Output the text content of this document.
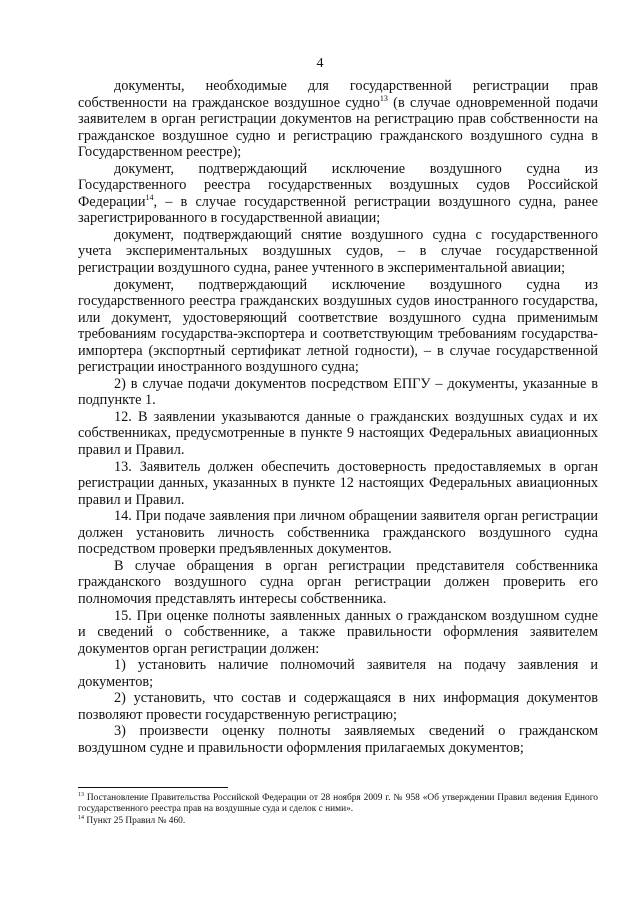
4

документы, необходимые для государственной регистрации прав собственности на гражданское воздушное судно$^{13}$ (в случае одновременной подачи заявителем в орган регистрации документов на регистрацию прав собственности на гражданское воздушное судно и регистрацию гражданского воздушного судна в Государственном реестре);

документ, подтверждающий исключение воздушного судна из Государственного реестра государственных воздушных судов Российской Федерации$^{14}$, – в случае государственной регистрации воздушного судна, ранее зарегистрированного в государственной авиации;

документ, подтверждающий снятие воздушного судна с государственного учета экспериментальных воздушных судов, – в случае государственной регистрации воздушного судна, ранее учтенного в экспериментальной авиации;

документ, подтверждающий исключение воздушного судна из государственного реестра гражданских воздушных судов иностранного государства, или документ, удостоверяющий соответствие воздушного судна применимым требованиям государства-экспортера и соответствующим требованиям государства-импортера (экспортный сертификат летной годности), – в случае государственной регистрации иностранного воздушного судна;

2) в случае подачи документов посредством ЕПГУ – документы, указанные в подпункте 1.

12. В заявлении указываются данные о гражданских воздушных судах и их собственниках, предусмотренные в пункте 9 настоящих Федеральных авиационных правил и Правил.

13. Заявитель должен обеспечить достоверность предоставляемых в орган регистрации данных, указанных в пункте 12 настоящих Федеральных авиационных правил и Правил.

14. При подаче заявления при личном обращении заявителя орган регистрации должен установить личность собственника гражданского воздушного судна посредством проверки предъявленных документов.

В случае обращения в орган регистрации представителя собственника гражданского воздушного судна орган регистрации должен проверить его полномочия представлять интересы собственника.

15. При оценке полноты заявленных данных о гражданском воздушном судне и сведений о собственнике, а также правильности оформления заявителем документов орган регистрации должен:

1) установить наличие полномочий заявителя на подачу заявления и документов;

2) установить, что состав и содержащаяся в них информация документов позволяют провести государственную регистрацию;

3) произвести оценку полноты заявляемых сведений о гражданском воздушном судне и правильности оформления прилагаемых документов;

$^{13}$ Постановление Правительства Российской Федерации от 28 ноября 2009 г. № 958 «Об утверждении Правил ведения Единого государственного реестра прав на воздушные суда и сделок с ними».

$^{14}$ Пункт 25 Правил № 460.
